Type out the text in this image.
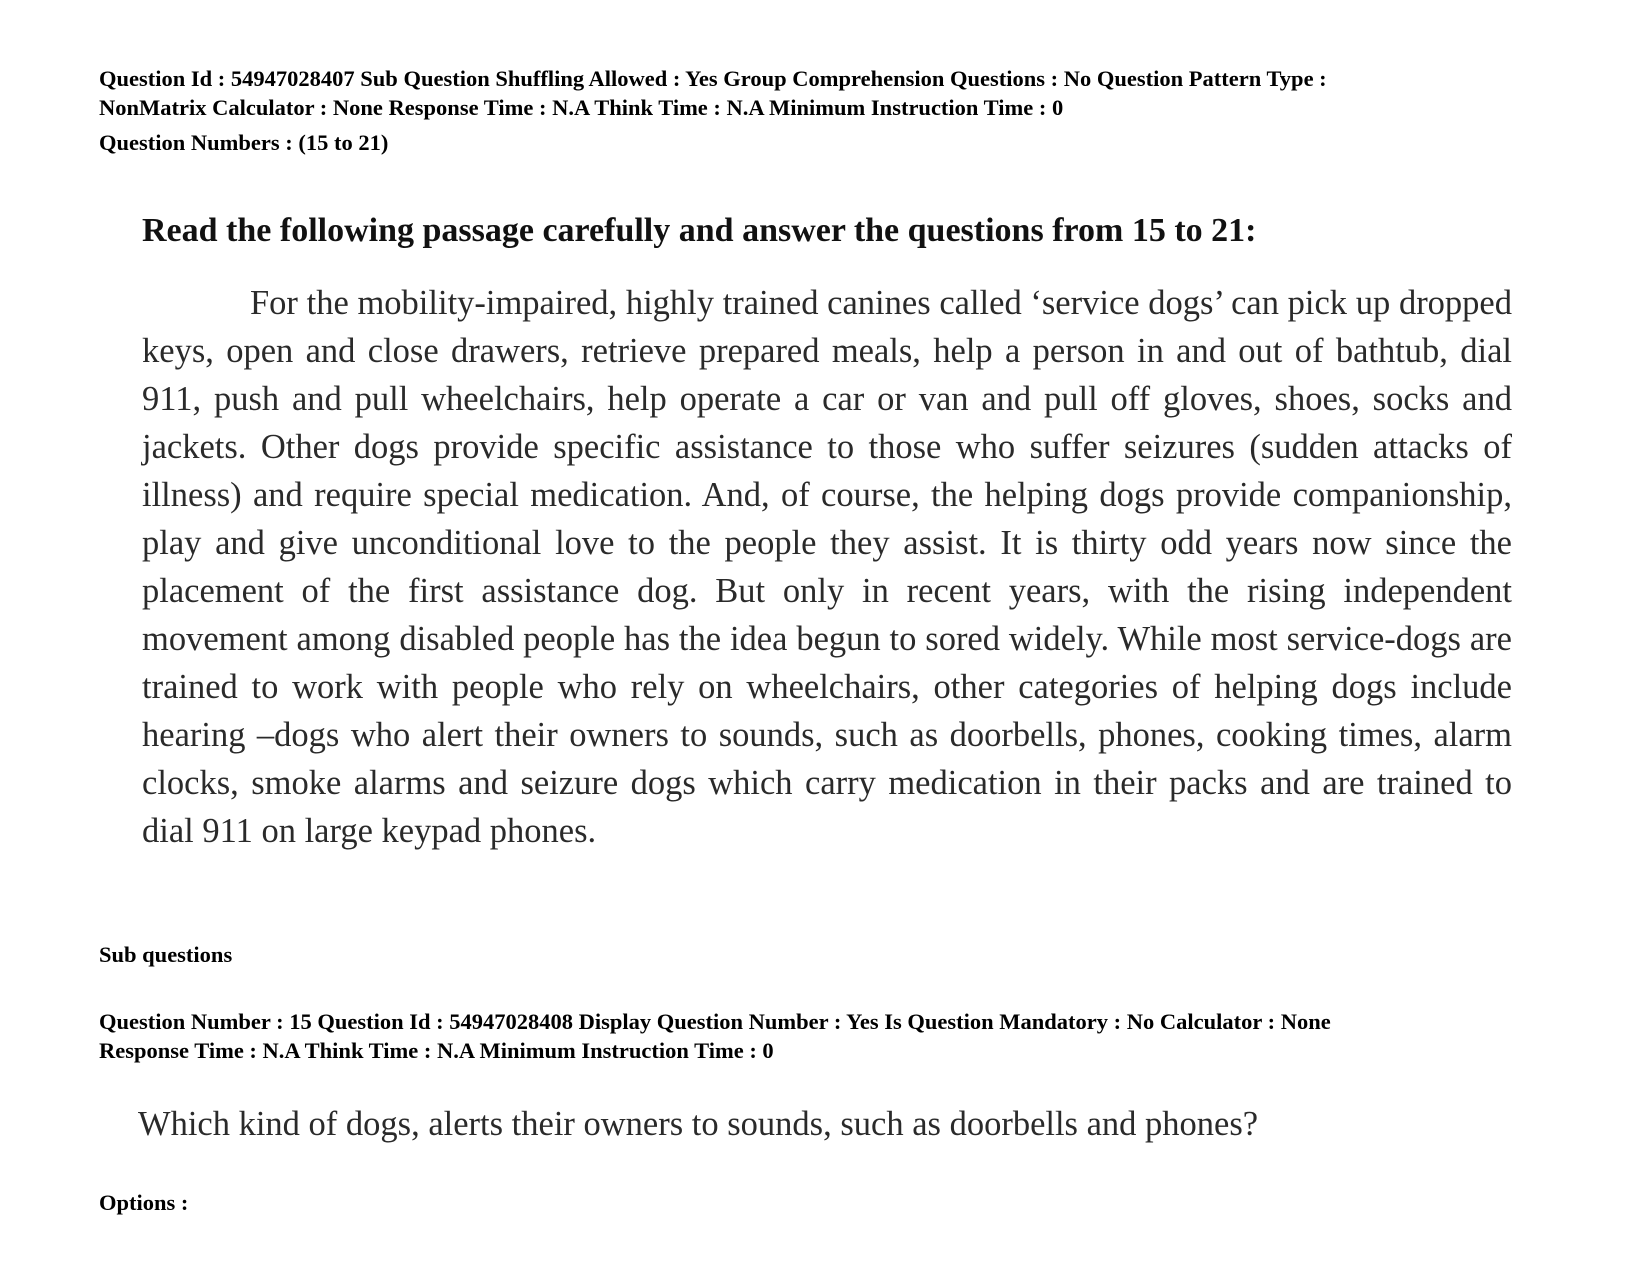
Question Id : 54947028407 Sub Question Shuffling Allowed : Yes Group Comprehension Questions : No Question Pattern Type :
NonMatrix Calculator : None Response Time : N.A Think Time : N.A Minimum Instruction Time : 0

Question Numbers : (15 to 21)

Read the following passage carefully and answer the questions from 15 to 21:

For the mobility-impaired, highly trained canines called ‘service dogs’ can pick up dropped keys, open and close drawers, retrieve prepared meals, help a person in and out of bathtub, dial 911, push and pull wheelchairs, help operate a car or van and pull off gloves, shoes, socks and jackets. Other dogs provide specific assistance to those who suffer seizures (sudden attacks of illness) and require special medication. And, of course, the helping dogs provide companionship, play and give unconditional love to the people they assist. It is thirty odd years now since the placement of the first assistance dog. But only in recent years, with the rising independent movement among disabled people has the idea begun to sored widely. While most service-dogs are trained to work with people who rely on wheelchairs, other categories of helping dogs include hearing –dogs who alert their owners to sounds, such as doorbells, phones, cooking times, alarm clocks, smoke alarms and seizure dogs which carry medication in their packs and are trained to dial 911 on large keypad phones.

Sub questions

Question Number : 15 Question Id : 54947028408 Display Question Number : Yes Is Question Mandatory : No Calculator : None
Response Time : N.A Think Time : N.A Minimum Instruction Time : 0

Which kind of dogs, alerts their owners to sounds, such as doorbells and phones?

Options :
